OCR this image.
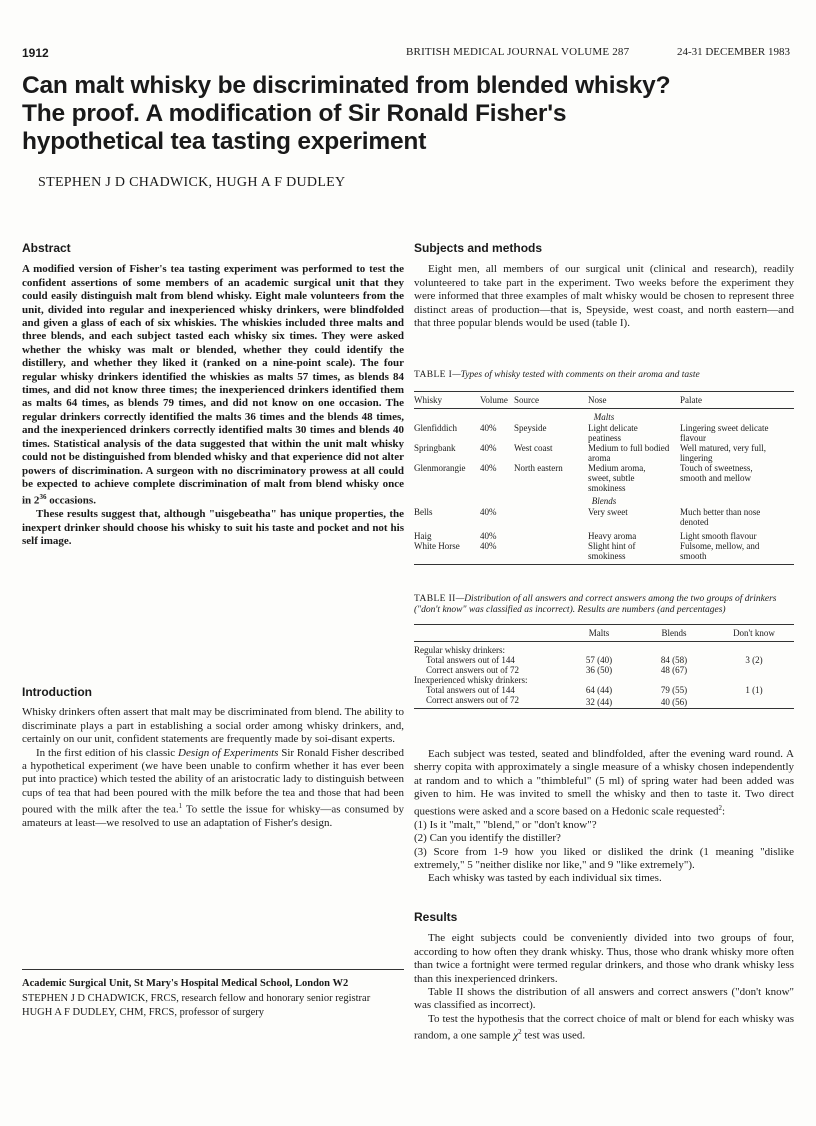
1912	BRITISH MEDICAL JOURNAL VOLUME 287	24-31 DECEMBER 1983
Can malt whisky be discriminated from blended whisky?
The proof. A modification of Sir Ronald Fisher's
hypothetical tea tasting experiment
STEPHEN J D CHADWICK, HUGH A F DUDLEY
Abstract

A modified version of Fisher's tea tasting experiment was performed to test the confident assertions of some members of an academic surgical unit that they could easily distinguish malt from blend whisky. Eight male volunteers from the unit, divided into regular and inexperienced whisky drinkers, were blindfolded and given a glass of each of six whiskies. The whiskies included three malts and three blends, and each subject tasted each whisky six times. They were asked whether the whisky was malt or blended, whether they could identify the distillery, and whether they liked it (ranked on a nine-point scale). The four regular whisky drinkers identified the whiskies as malts 57 times, as blends 84 times, and did not know three times; the inexperienced drinkers identified them as malts 64 times, as blends 79 times, and did not know on one occasion. The regular drinkers correctly identified the malts 36 times and the blends 48 times, and the inexperienced drinkers correctly identified malts 30 times and blends 40 times. Statistical analysis of the data suggested that within the unit malt whisky could not be distinguished from blended whisky and that experience did not alter powers of discrimination. A surgeon with no discriminatory prowess at all could be expected to achieve complete discrimination of malt from blend whisky once in $2^{36}$ occasions.

These results suggest that, although "uisgebeatha" has unique properties, the inexpert drinker should choose his whisky to suit his taste and pocket and not his self image.

Introduction

Whisky drinkers often assert that malt may be discriminated from blend. The ability to discriminate plays a part in establishing a social order among whisky drinkers, and, certainly on our unit, confident statements are frequently made by soi-disant experts.

In the first edition of his classic Design of Experiments Sir Ronald Fisher described a hypothetical experiment (we have been unable to confirm whether it has ever been put into practice) which tested the ability of an aristocratic lady to distinguish between cups of tea that had been poured with the milk before the tea and those that had been poured with the milk after the tea.$^1$ To settle the issue for whisky—as consumed by amateurs at least—we resolved to use an adaptation of Fisher's design.

Academic Surgical Unit, St Mary's Hospital Medical School, London W2
STEPHEN J D CHADWICK, FRCS, research fellow and honorary senior registrar
HUGH A F DUDLEY, CHM, FRCS, professor of surgery
Subjects and methods

Eight men, all members of our surgical unit (clinical and research), readily volunteered to take part in the experiment. Two weeks before the experiment they were informed that three examples of malt whisky would be chosen to represent three distinct areas of production—that is, Speyside, west coast, and north eastern—and that three popular blends would be used (table I).

TABLE I—Types of whisky tested with comments on their aroma and taste
Whisky	Volume	Source	Nose	Palate
Malts				
Glenfiddich	40%	Speyside	Light delicate peatiness	Lingering sweet delicate flavour
Springbank	40%	West coast	Medium to full bodied aroma	Well matured, very full, lingering
Glenmorangie	40%	North eastern	Medium aroma, sweet, subtle smokiness	Touch of sweetness, smooth and mellow
Blends				
Bells	40%		Very sweet	Much better than nose denoted
Haig	40%		Heavy aroma	Light smooth flavour
White Horse	40%		Slight hint of smokiness	Fulsome, mellow, and smooth
TABLE II—Distribution of all answers and correct answers among the two groups of drinkers ("don't know" was classified as incorrect). Results are numbers (and percentages)
	Malts	Blends	Don't know
Regular whisky drinkers:			
Total answers out of 144	57 (40)	84 (58)	3 (2)
Correct answers out of 72	36 (50)	48 (67)	
Inexperienced whisky drinkers:			
Total answers out of 144	64 (44)	79 (55)	1 (1)
Correct answers out of 72	32 (44)	40 (56)	

Each subject was tested, seated and blindfolded, after the evening ward round. A sherry copita with approximately a single measure of a whisky chosen independently at random and to which a "thimbleful" (5 ml) of spring water had been added was given to him. He was invited to smell the whisky and then to taste it. Two direct questions were asked and a score based on a Hedonic scale requested$^2$:

(1) Is it "malt," "blend," or "don't know"?

(2) Can you identify the distiller?

(3) Score from 1-9 how you liked or disliked the drink (1 meaning "dislike extremely," 5 "neither dislike nor like," and 9 "like extremely").

Each whisky was tasted by each individual six times.

Results

The eight subjects could be conveniently divided into two groups of four, according to how often they drank whisky. Thus, those who drank whisky more often than twice a fortnight were termed regular drinkers, and those who drank whisky less than this inexperienced drinkers.

Table II shows the distribution of all answers and correct answers ("don't know" was classified as incorrect).

To test the hypothesis that the correct choice of malt or blend for each whisky was random, a one sample $\chi^2$ test was used.
